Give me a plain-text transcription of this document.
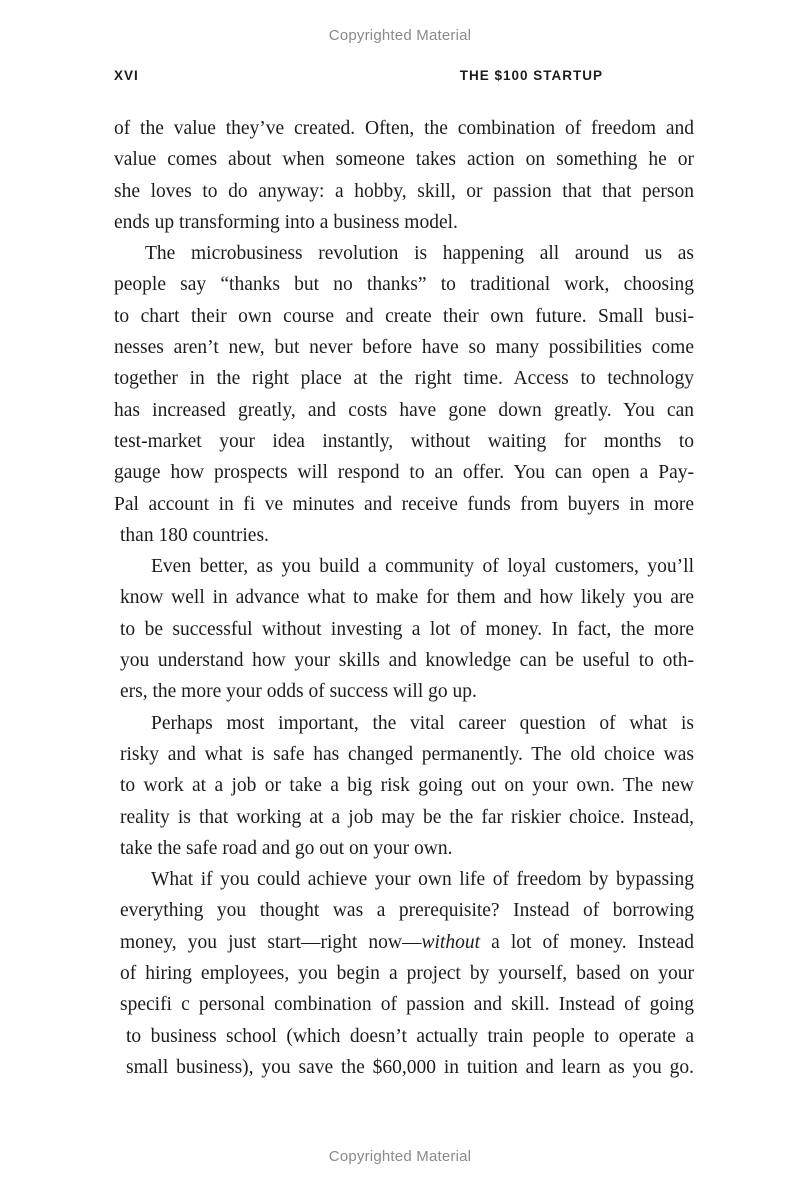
Copyrighted Material
XVI	THE $100 STARTUP

of the value they’ve created. Often, the combination of freedom and
value comes about when someone takes action on something he or
she loves to do anyway: a hobby, skill, or passion that that person
ends up transforming into a business model.

The microbusiness revolution is happening all around us as
people say “thanks but no thanks” to traditional work, choosing
to chart their own course and create their own future. Small busi-
nesses aren’t new, but never before have so many possibilities come
together in the right place at the right time. Access to technology
has increased greatly, and costs have gone down greatly. You can
test-market your idea instantly, without waiting for months to
gauge how prospects will respond to an offer. You can open a Pay-
Pal account in fi ve minutes and receive funds from buyers in more
than 180 countries.

Even better, as you build a community of loyal customers, you’ll
know well in advance what to make for them and how likely you are
to be successful without investing a lot of money. In fact, the more
you understand how your skills and knowledge can be useful to oth-
ers, the more your odds of success will go up.

Perhaps most important, the vital career question of what is
risky and what is safe has changed permanently. The old choice was
to work at a job or take a big risk going out on your own. The new
reality is that working at a job may be the far riskier choice. Instead,
take the safe road and go out on your own.

What if you could achieve your own life of freedom by bypassing
everything you thought was a prerequisite? Instead of borrowing
money, you just start—right now—without a lot of money. Instead
of hiring employees, you begin a project by yourself, based on your
specifi c personal combination of passion and skill. Instead of going
to business school (which doesn’t actually train people to operate a
small business), you save the $60,000 in tuition and learn as you go.

Copyrighted Material
